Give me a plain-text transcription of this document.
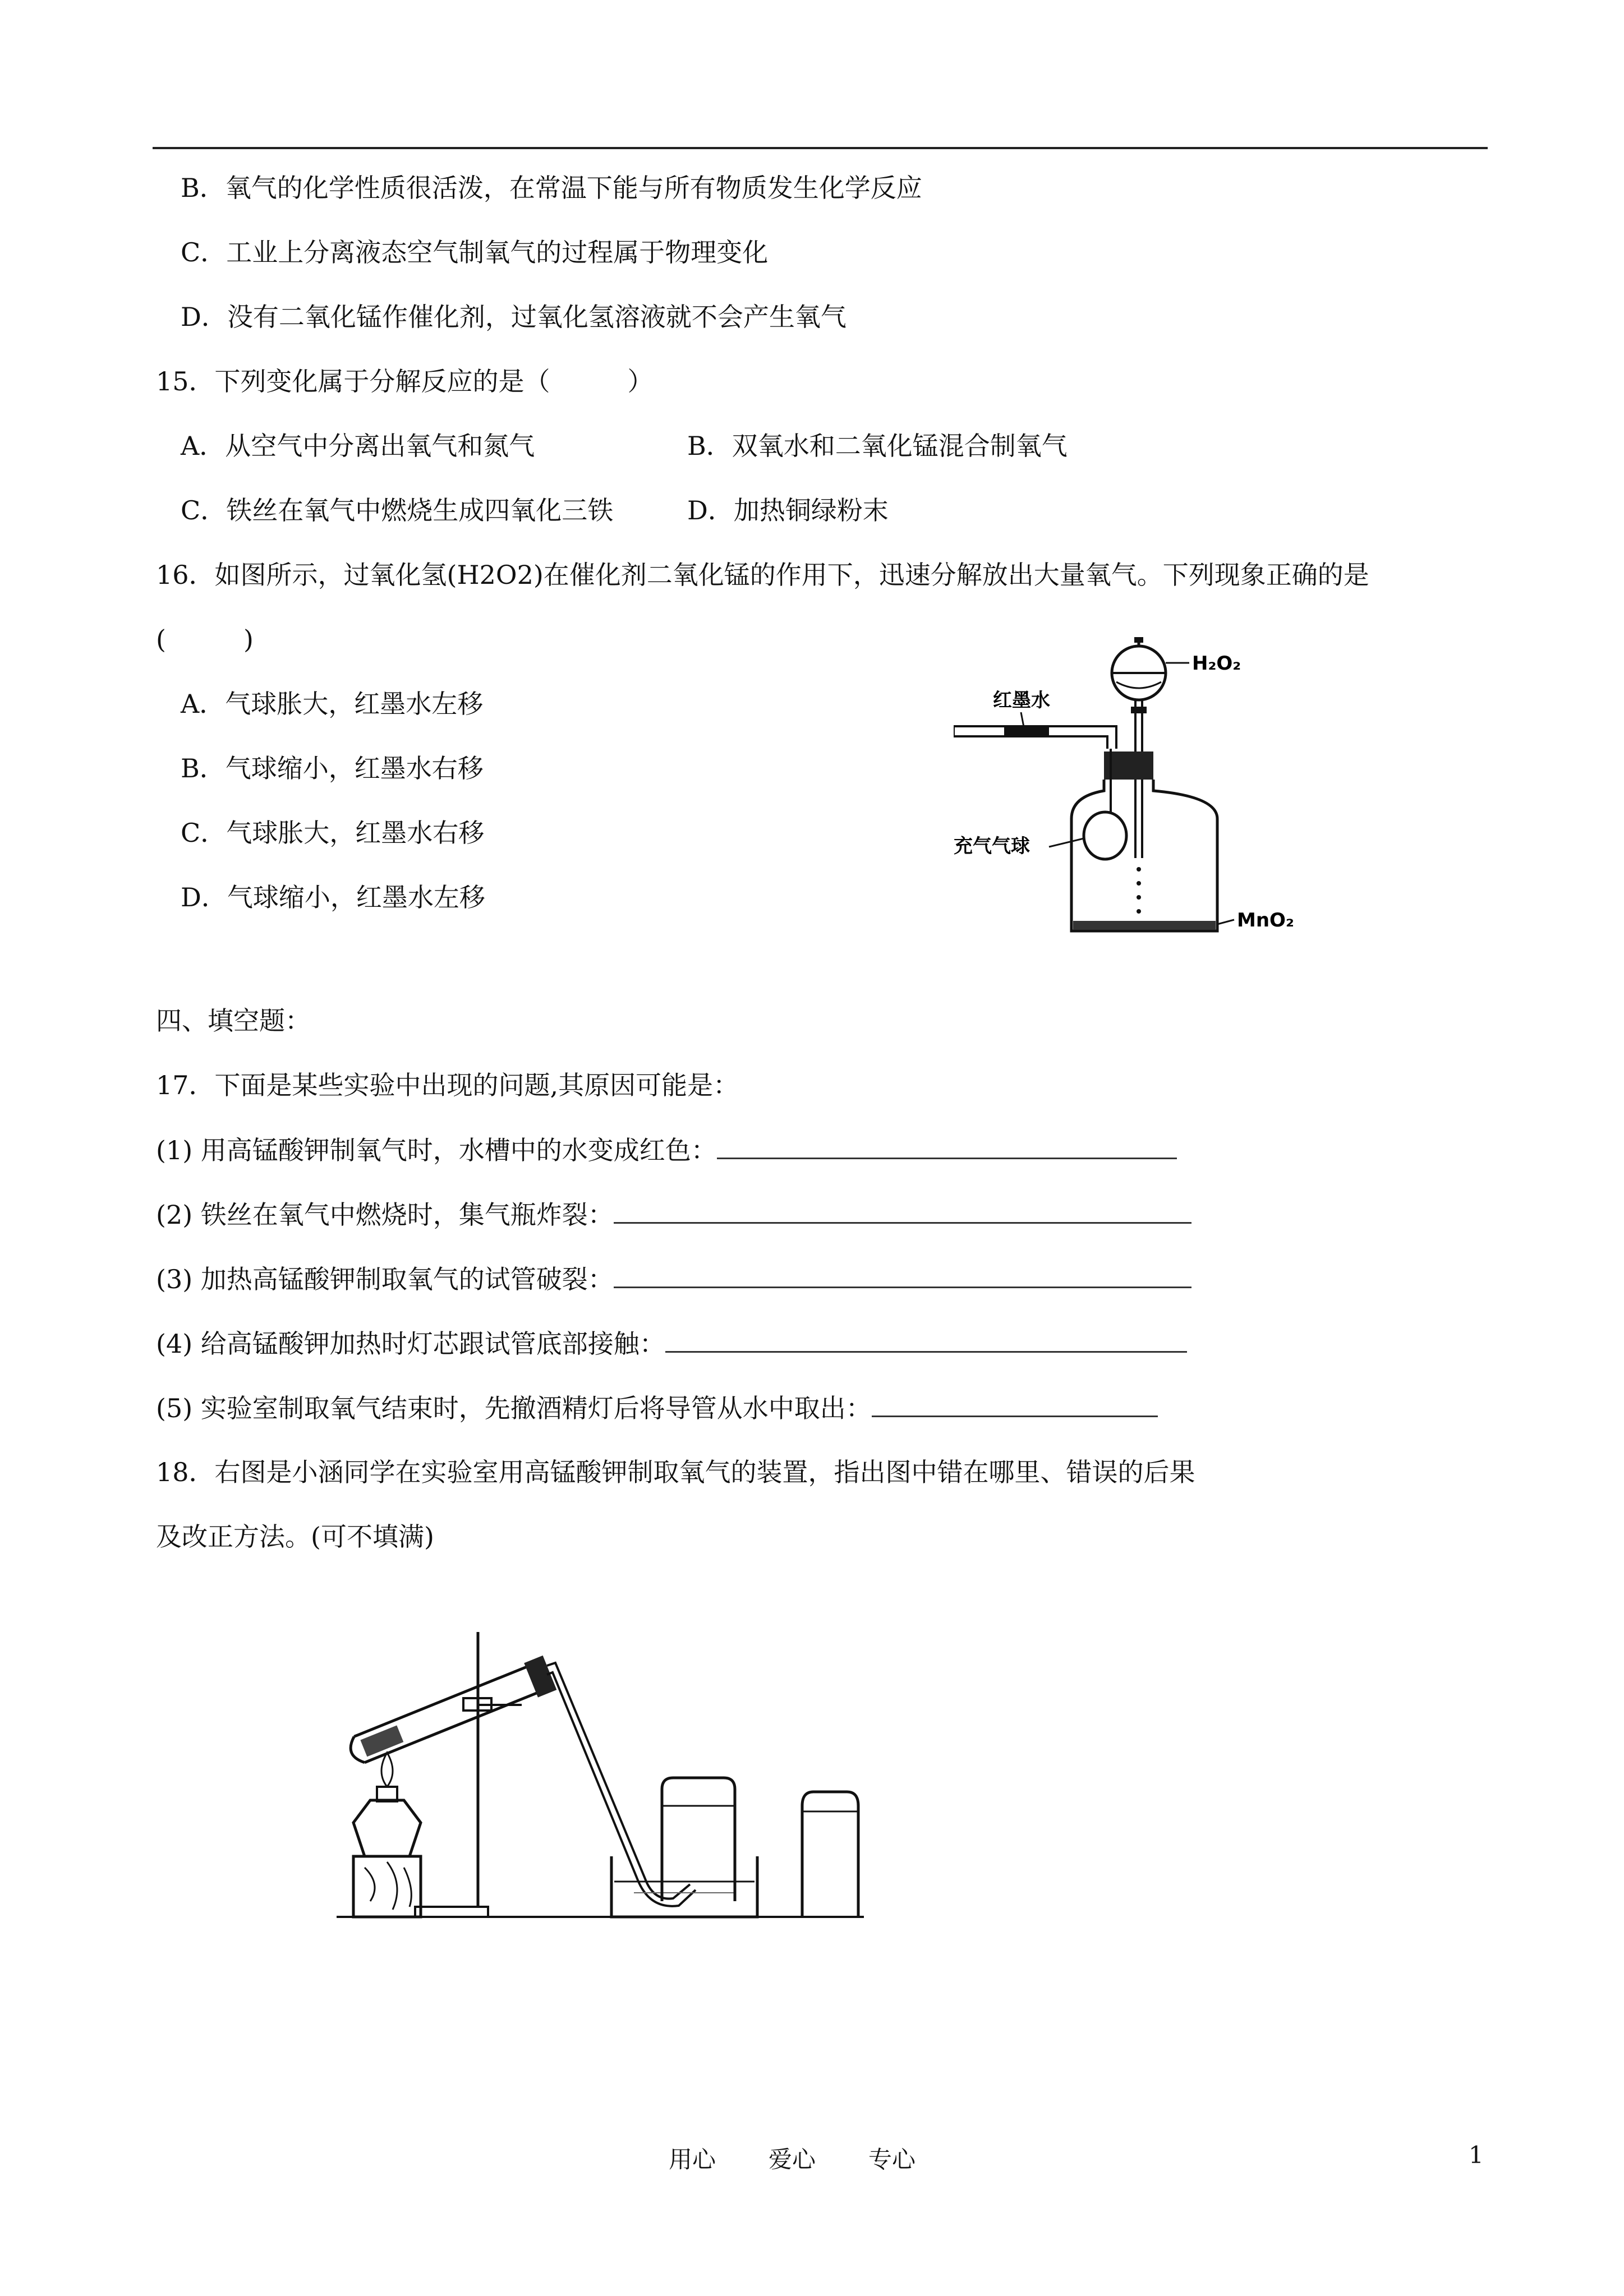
B．氧气的化学性质很活泼，在常温下能与所有物质发生化学反应
C．工业上分离液态空气制氧气的过程属于物理变化
D．没有二氧化锰作催化剂，过氧化氢溶液就不会产生氧气
15．下列变化属于分解反应的是（　　　）
A．从空气中分离出氧气和氮气	B．双氧水和二氧化锰混合制氧气
C．铁丝在氧气中燃烧生成四氧化三铁	D．加热铜绿粉末
16．如图所示，过氧化氢(H2O2)在催化剂二氧化锰的作用下，迅速分解放出大量氧气。下列现象正确的是
(　　　)
A．气球胀大，红墨水左移
B．气球缩小，红墨水右移
C．气球胀大，红墨水右移
D．气球缩小，红墨水左移
H₂O₂
红墨水
充气气球
MnO₂
四、填空题：
17．下面是某些实验中出现的问题,其原因可能是：
(1) 用高锰酸钾制氧气时，水槽中的水变成红色：
(2) 铁丝在氧气中燃烧时，集气瓶炸裂：
(3) 加热高锰酸钾制取氧气的试管破裂：
(4) 给高锰酸钾加热时灯芯跟试管底部接触：
(5) 实验室制取氧气结束时，先撤酒精灯后将导管从水中取出：
18．右图是小涵同学在实验室用高锰酸钾制取氧气的装置，指出图中错在哪里、错误的后果
及改正方法。(可不填满)
用心 爱心 专心	1
